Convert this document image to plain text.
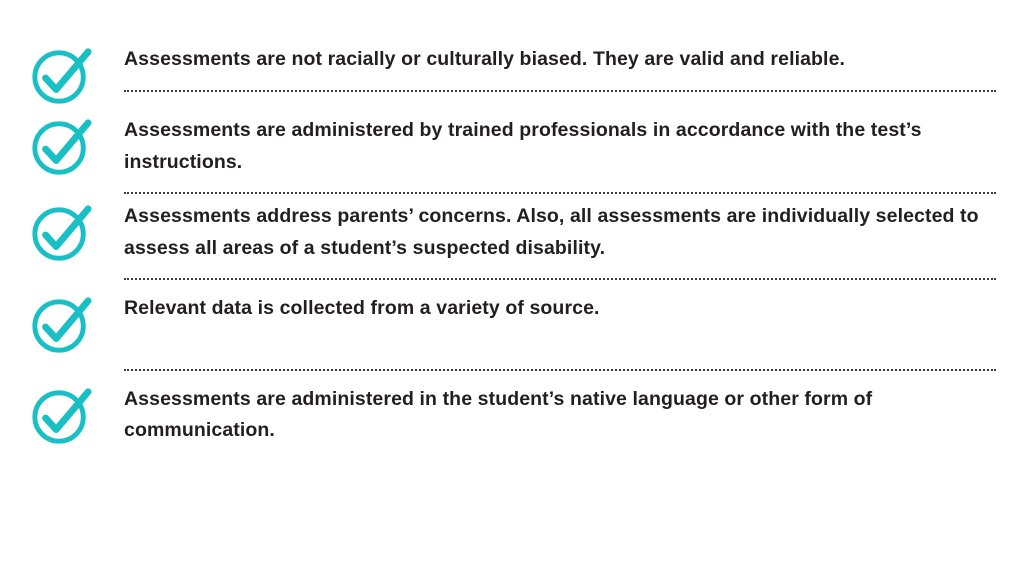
Assessments are not racially or culturally biased. They are valid and reliable.

Assessments are administered by trained professionals in accordance with the test’s instructions.

Assessments address parents’ concerns. Also, all assessments are individually selected to assess all areas of a student’s suspected disability.

Relevant data is collected from a variety of source.

Assessments are administered in the student’s native language or other form of communication.
